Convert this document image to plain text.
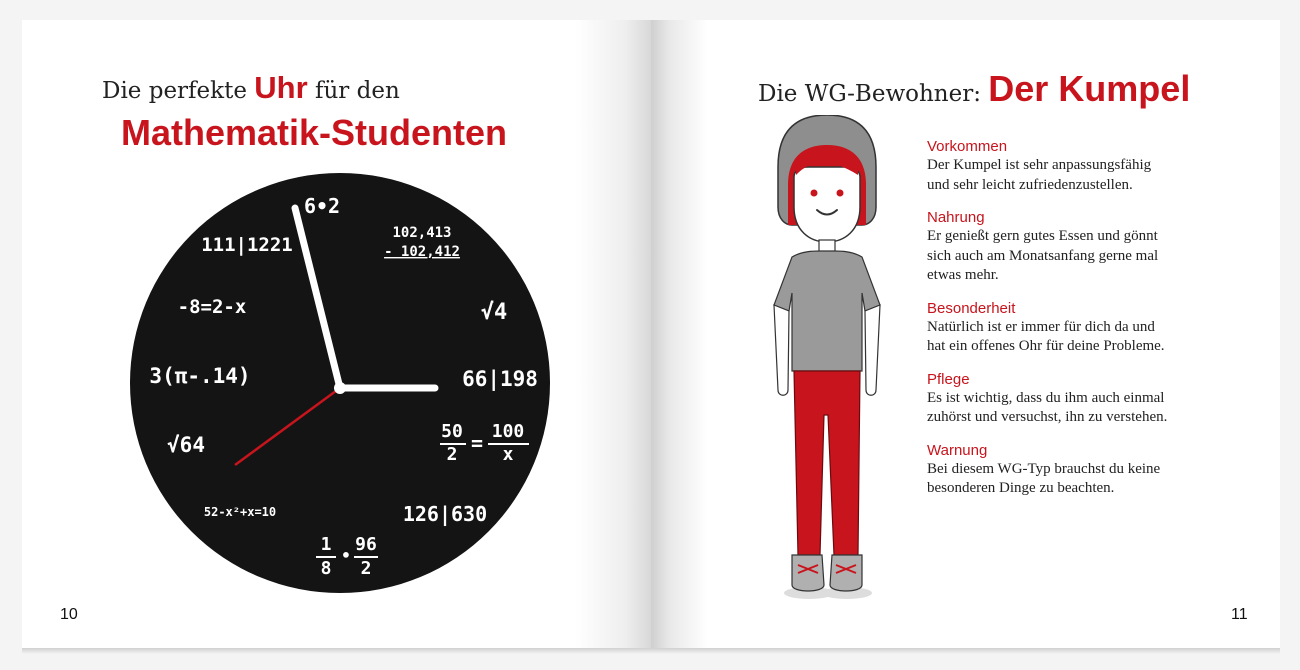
Die perfekte Uhr für den
Mathematik-Studenten
6•2
102,413
- 102,412
√4
66|198
50
2 = 100
x
126|630
1
8
•
96
2
52-x²+x=10
√64
3(π-.14)
-8=2-x
111|1221
10
Die WG-Bewohner: Der Kumpel
11
Vorkommen
Der Kumpel ist sehr anpassungsfähig
und sehr leicht zufriedenzustellen.
Nahrung
Er genießt gern gutes Essen und gönnt
sich auch am Monatsanfang gerne mal
etwas mehr.
Besonderheit
Natürlich ist er immer für dich da und
hat ein offenes Ohr für deine Probleme.
Pflege
Es ist wichtig, dass du ihm auch einmal
zuhörst und versuchst, ihn zu verstehen.
Warnung
Bei diesem WG-Typ brauchst du keine
besonderen Dinge zu beachten.
